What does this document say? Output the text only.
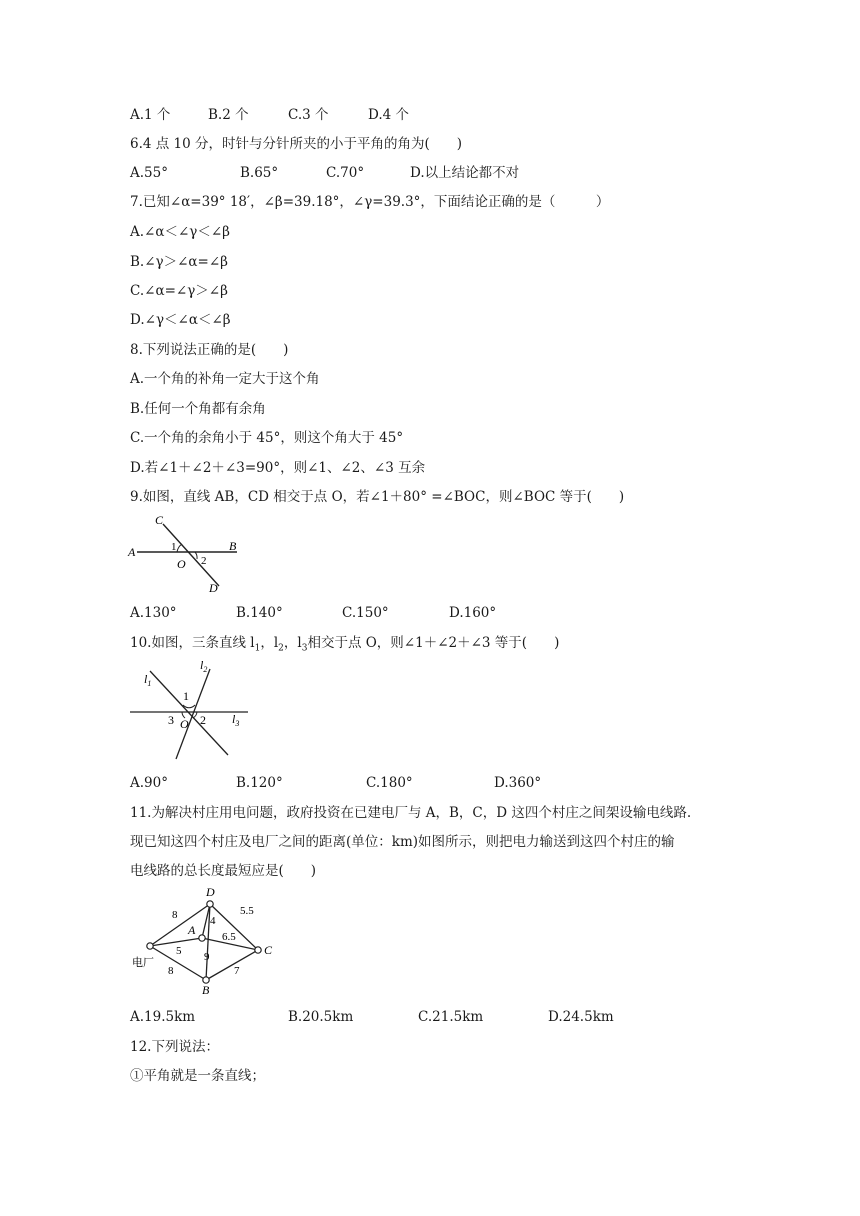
A.1 个	B.2 个	C.3 个	D.4 个
6.4 点 10 分，时针与分针所夹的小于平角的角为(　　)
A.55°	B.65°	C.70°	D.以上结论都不对
7.已知∠α=39° 18′，∠β=39.18°，∠γ=39.3°，下面结论正确的是（　　　）
A.∠α＜∠γ＜∠β
B.∠γ＞∠α=∠β
C.∠α=∠γ＞∠β
D.∠γ＜∠α＜∠β
8.下列说法正确的是(　　)
A.一个角的补角一定大于这个角
B.任何一个角都有余角
C.一个角的余角小于 45°，则这个角大于 45°
D.若∠1＋∠2＋∠3=90°，则∠1、∠2、∠3 互余
9.如图，直线 AB，CD 相交于点 O，若∠1＋80° =∠BOC，则∠BOC 等于(　　)
C
A	B
O
1
2
D
A.130°	B.140°	C.150°	D.160°
10.如图，三条直线 $l_1$，$l_2$，$l_3$相交于点 O，则∠1＋∠2＋∠3 等于(　　)
$l_1$
$l_2$
$l_3$
1
3 2
O
A.90°	B.120°	C.180°	D.360°
11.为解决村庄用电问题，政府投资在已建电厂与 A，B，C，D 这四个村庄之间架设输电线路.
现已知这四个村庄及电厂之间的距离(单位：km)如图所示，则把电力输送到这四个村庄的输
电线路的总长度最短应是(　　)
D
A
C
B
电厂
8	4
5.5
6.5
5 9
8	7
A.19.5km	B.20.5km	C.21.5km	D.24.5km
12.下列说法：
①平角就是一条直线；
